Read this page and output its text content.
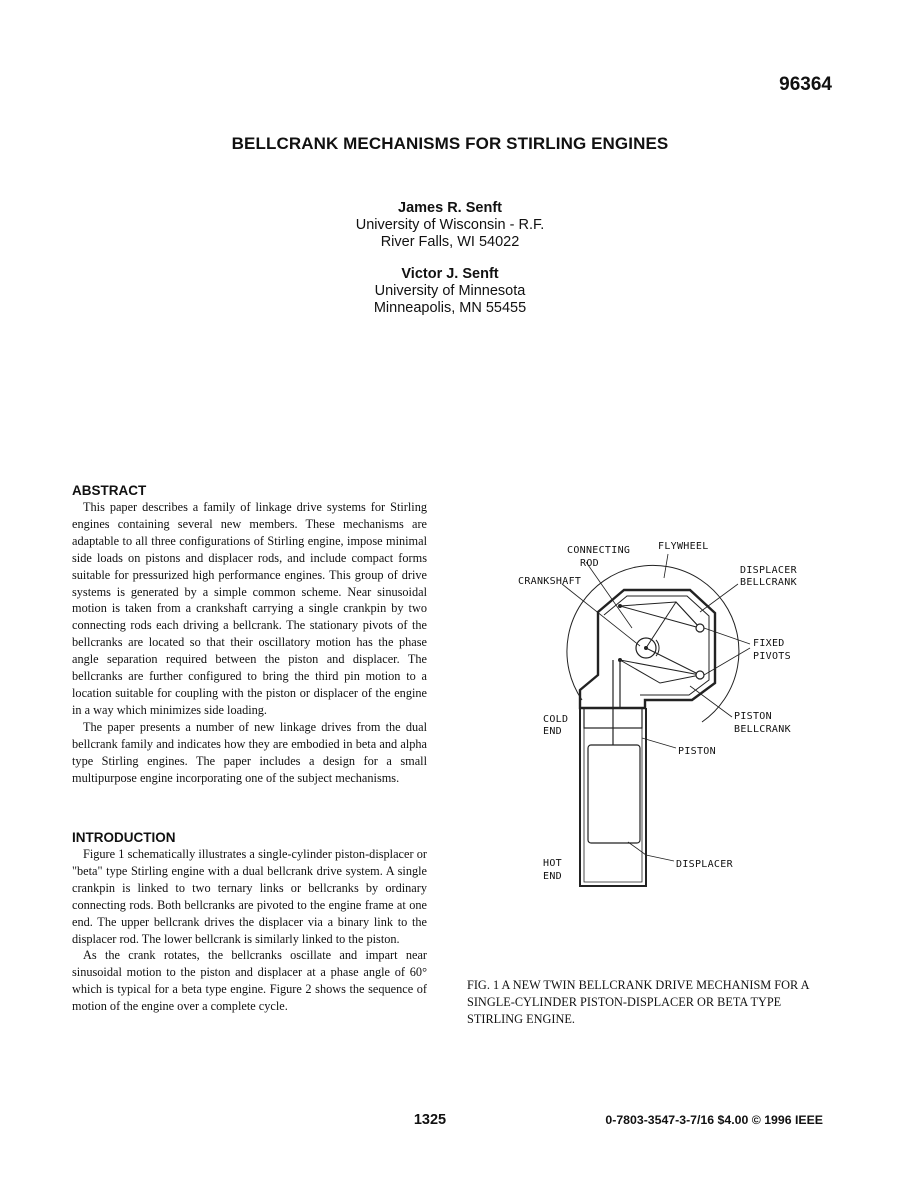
96364
BELLCRANK MECHANISMS FOR STIRLING ENGINES
James R. Senft
University of Wisconsin - R.F.
River Falls, WI 54022
Victor J. Senft
University of Minnesota
Minneapolis, MN 55455
ABSTRACT

This paper describes a family of linkage drive systems for Stirling engines containing several new members. These mechanisms are adaptable to all three configurations of Stirling engine, impose minimal side loads on pistons and displacer rods, and include compact forms suitable for pressurized high performance engines. This group of drive systems is generated by a simple common scheme. Near sinusoidal motion is taken from a crankshaft carrying a single crankpin by two connecting rods each driving a bellcrank. The stationary pivots of the bellcranks are located so that their oscillatory motion has the phase angle separation required between the piston and displacer. The bellcranks are further configured to bring the third pin motion to a location suitable for coupling with the piston or displacer of the engine in a way which minimizes side loading.

The paper presents a number of new linkage drives from the dual bellcrank family and indicates how they are embodied in beta and alpha type Stirling engines. The paper includes a design for a small multipurpose engine incorporating one of the subject mechanisms.

INTRODUCTION

Figure 1 schematically illustrates a single-cylinder piston-displacer or "beta" type Stirling engine with a dual bellcrank drive system. A single crankpin is linked to two ternary links or bellcranks by ordinary connecting rods. Both bellcranks are pivoted to the engine frame at one end. The upper bellcrank drives the displacer via a binary link to the displacer rod. The lower bellcrank is similarly linked to the piston.

As the crank rotates, the bellcranks oscillate and impart near sinusoidal motion to the piston and displacer at a phase angle of 60° which is typical for a beta type engine. Figure 2 shows the sequence of motion of the engine over a complete cycle.

CONNECTING
ROD
FLYWHEEL
DISPLACER
BELLCRANK
CRANKSHAFT
FIXED
PIVOTS
COLD
END
PISTON
BELLCRANK
PISTON
HOT
END
DISPLACER
FIG. 1 A NEW TWIN BELLCRANK DRIVE MECHANISM FOR A SINGLE-CYLINDER PISTON-DISPLACER OR BETA TYPE STIRLING ENGINE.
1325	0-7803-3547-3-7/16 $4.00 © 1996 IEEE
